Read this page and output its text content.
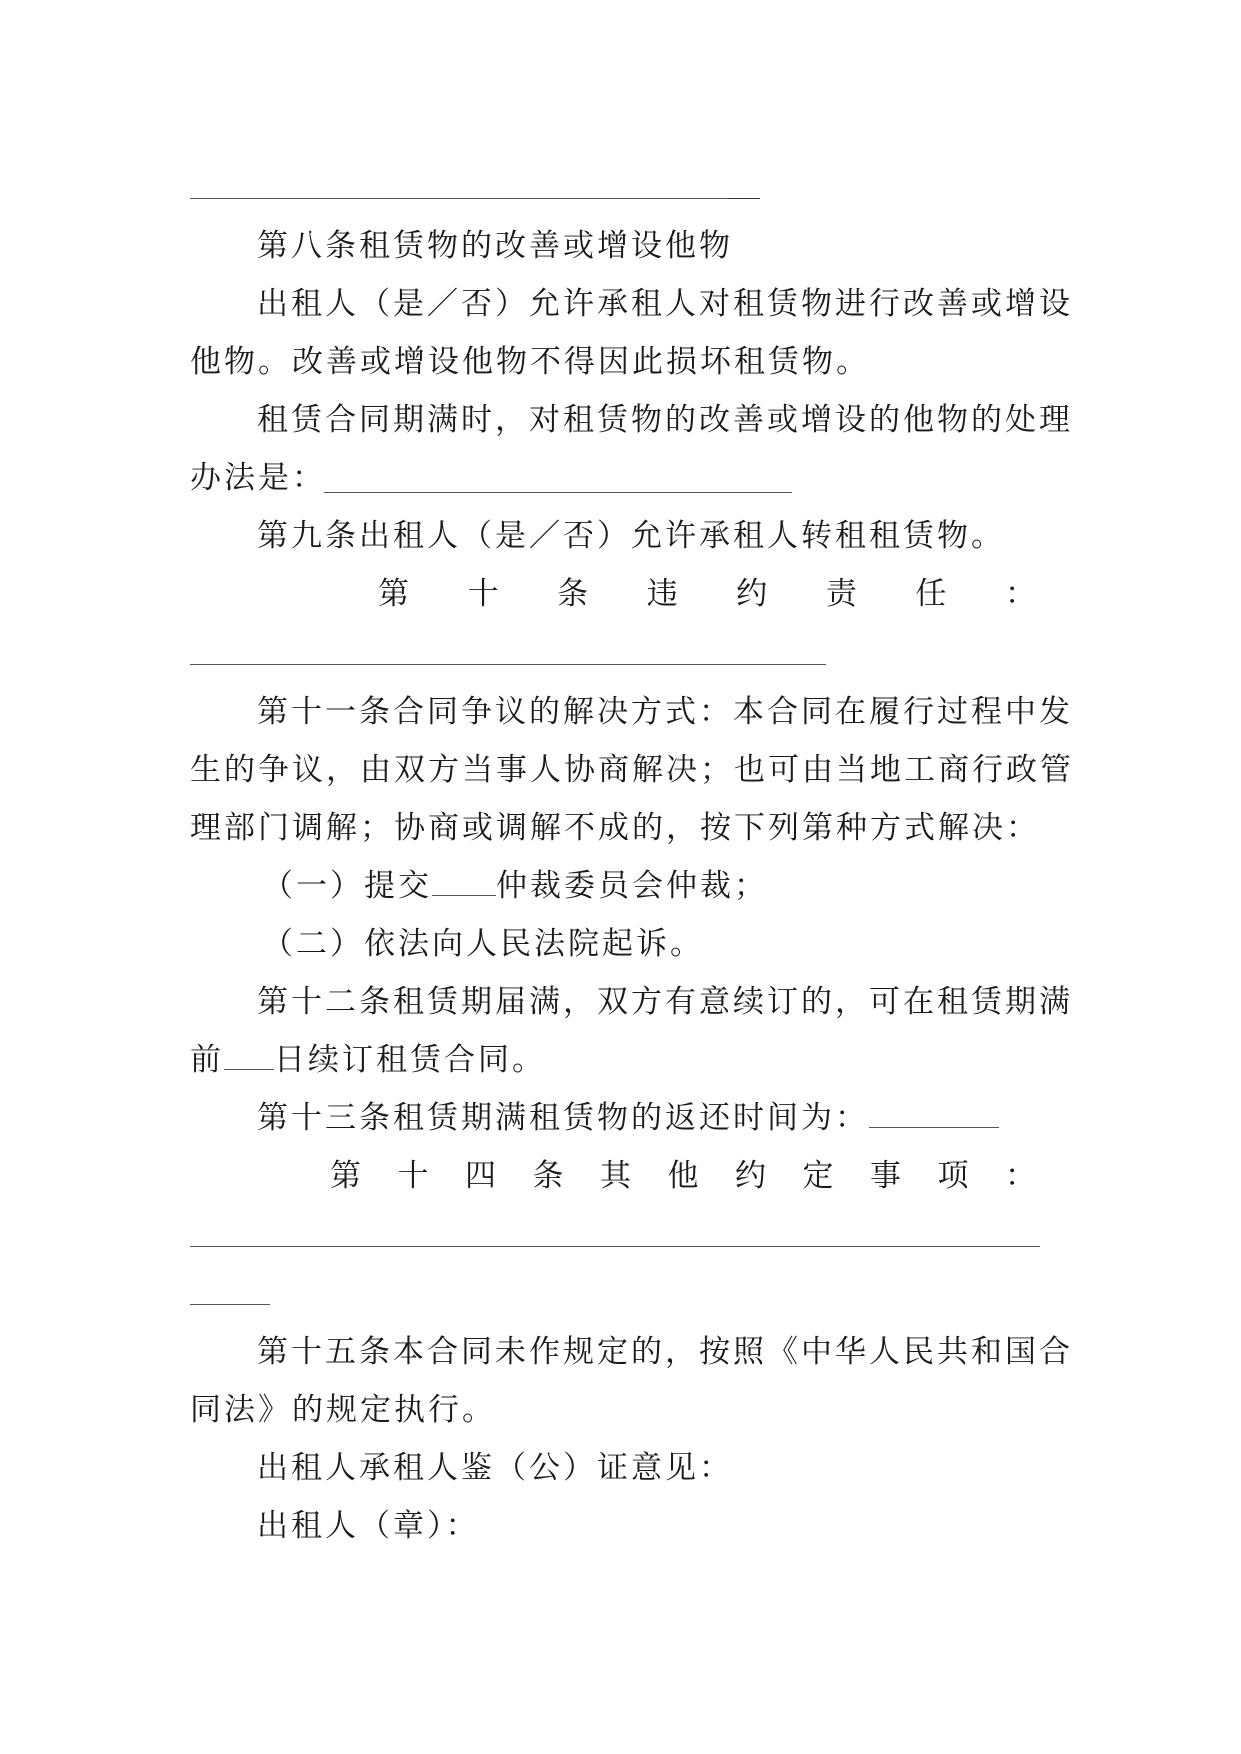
第八条租赁物的改善或增设他物
出租人（是／否）允许承租人对租赁物进行改善或增设
他物。改善或增设他物不得因此损坏租赁物。
租赁合同期满时，对租赁物的改善或增设的他物的处理
办法是：
第九条出租人（是／否）允许承租人转租租赁物。
第 十 条 违 约 责 任 ：
第十一条合同争议的解决方式：本合同在履行过程中发
生的争议，由双方当事人协商解决；也可由当地工商行政管
理部门调解；协商或调解不成的，按下列第种方式解决：
（一）提交 仲裁委员会仲裁；
（二）依法向人民法院起诉。
第十二条租赁期届满，双方有意续订的，可在租赁期满
前 日续订租赁合同。
第十三条租赁期满租赁物的返还时间为：
第 十 四 条 其 他 约 定 事 项 ：
第十五条本合同未作规定的，按照《中华人民共和国合
同法》的规定执行。
出租人承租人鉴（公）证意见：
出租人（章）：
